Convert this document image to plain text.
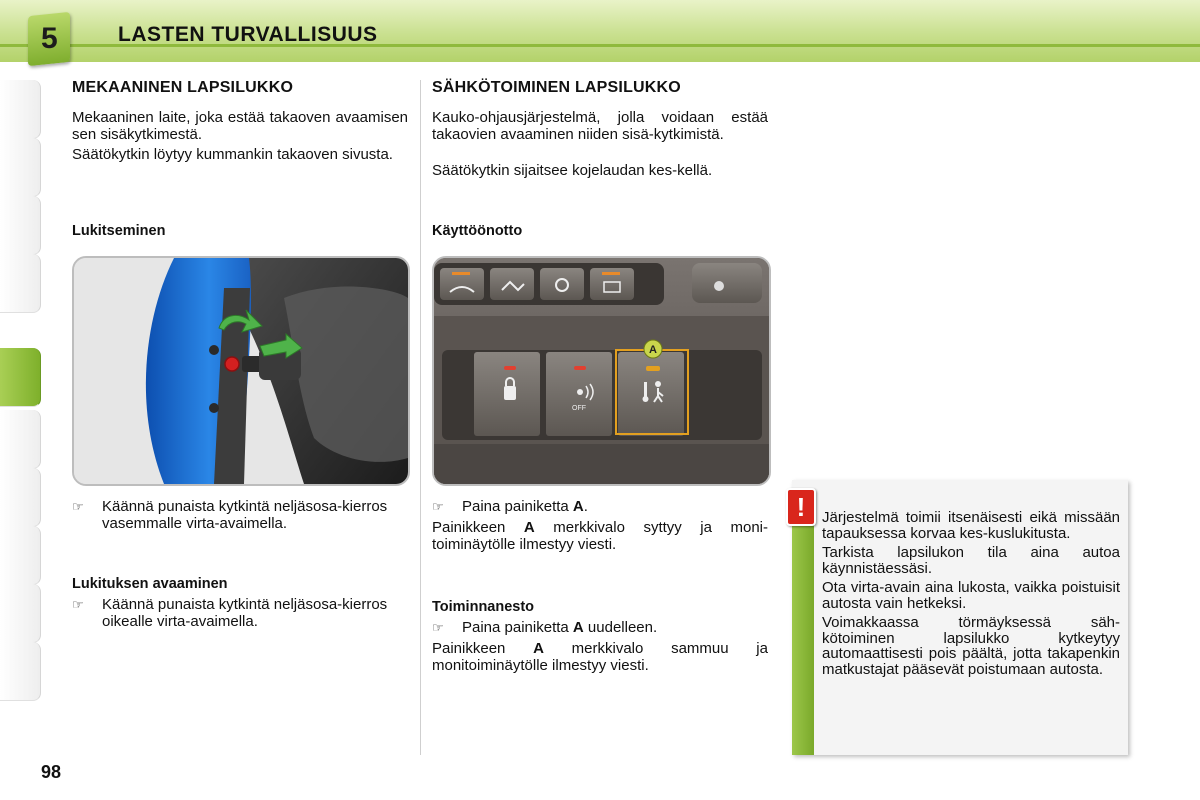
5	LASTEN TURVALLISUUS
MEKAANINEN LAPSILUKKO

Mekaaninen laite, joka estää takaoven avaamisen sen sisäkytkimestä.

Säätökytkin löytyy kummankin takaoven sivusta.

Lukitseminen

☞	Käännä punaista kytkintä neljäsosa-kierros vasemmalle virta-avaimella.

Lukituksen avaaminen

☞	Käännä punaista kytkintä neljäsosa-kierros oikealle virta-avaimella.
SÄHKÖTOIMINEN LAPSILUKKO

Kauko-ohjausjärjestelmä, jolla voidaan estää takaovien avaaminen niiden sisä-kytkimistä.

Säätökytkin sijaitsee kojelaudan kes-kellä.

Käyttöönotto

OFF
A
☞	Paina painiketta A.

Painikkeen A merkkivalo syttyy ja moni-toiminäytölle ilmestyy viesti.

Toiminnanesto

☞	Paina painiketta A uudelleen.

Painikkeen A merkkivalo sammuu ja monitoiminäytölle ilmestyy viesti.

!	Järjestelmä toimii itsenäisesti eikä missään tapauksessa korvaa kes-kuslukitusta.

Tarkista lapsilukon tila aina autoa käynnistäessäsi.

Ota virta-avain aina lukosta, vaikka poistuisit autosta vain hetkeksi.

Voimakkaassa törmäyksessä säh-kötoiminen lapsilukko kytkeytyy automaattisesti pois päältä, jotta takapenkin matkustajat pääsevät poistumaan autosta.

98
